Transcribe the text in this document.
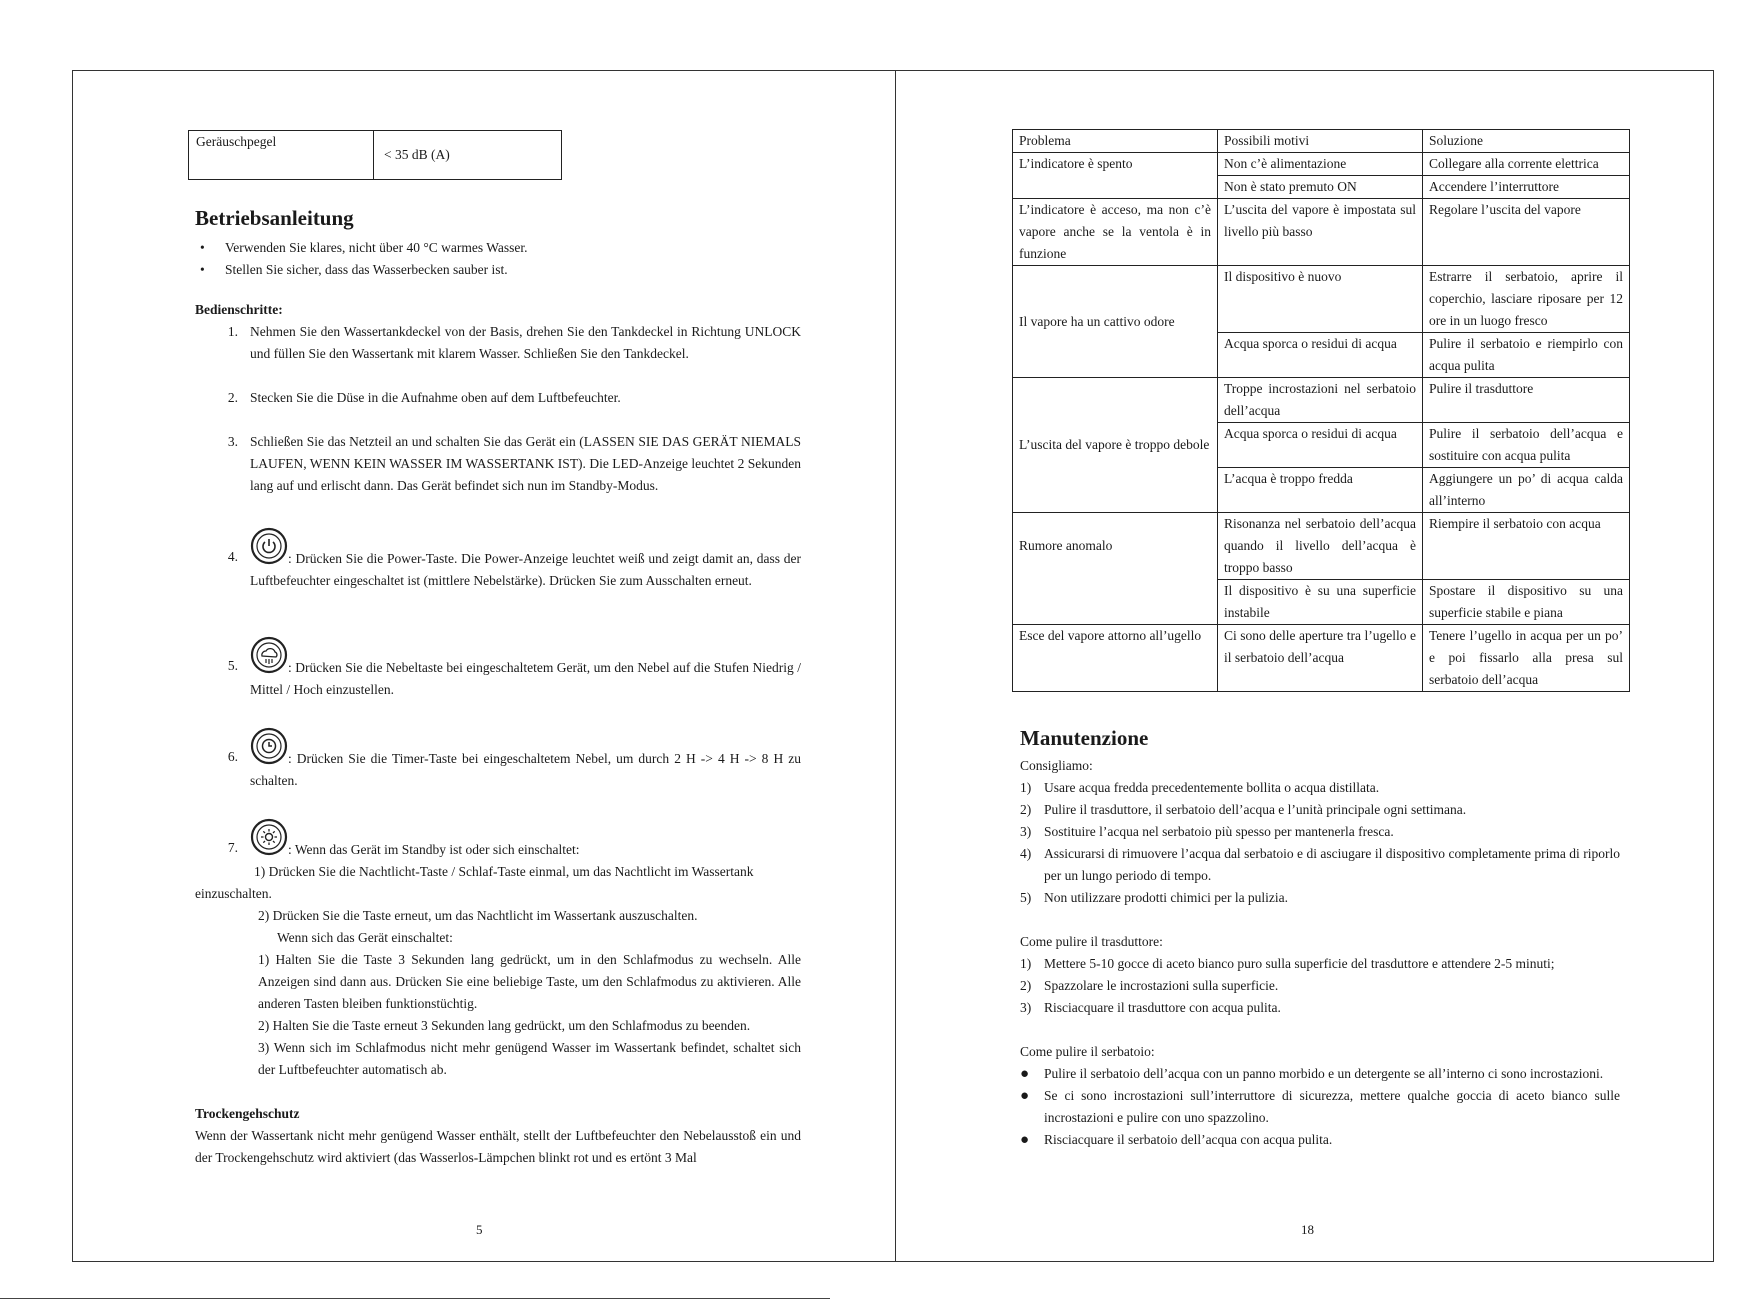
Geräuschpegel	< 35 dB (A)
Betriebsanleitung
•	Verwenden Sie klares, nicht über 40 °C warmes Wasser.
•	Stellen Sie sicher, dass das Wasserbecken sauber ist.
Bedienschritte:
1. Nehmen Sie den Wassertankdeckel von der Basis, drehen Sie den Tankdeckel in Richtung UNLOCK und füllen Sie den Wassertank mit klarem Wasser. Schließen Sie den Tankdeckel.
2. Stecken Sie die Düse in die Aufnahme oben auf dem Luftbefeuchter.
3. Schließen Sie das Netzteil an und schalten Sie das Gerät ein (LASSEN SIE DAS GERÄT NIEMALS LAUFEN, WENN KEIN WASSER IM WASSERTANK IST). Die LED-Anzeige leuchtet 2 Sekunden lang auf und erlischt dann. Das Gerät befindet sich nun im Standby-Modus.
4.	: Drücken Sie die Power-Taste. Die Power-Anzeige leuchtet weiß und zeigt damit an, dass der Luftbefeuchter eingeschaltet ist (mittlere Nebelstärke). Drücken Sie zum Ausschalten erneut.
5.	: Drücken Sie die Nebeltaste bei eingeschaltetem Gerät, um den Nebel auf die Stufen Niedrig / Mittel / Hoch einzustellen.
6.	: Drücken Sie die Timer-Taste bei eingeschaltetem Nebel, um durch 2 H -> 4 H -> 8 H zu schalten.
7.	: Wenn das Gerät im Standby ist oder sich einschaltet:
1) Drücken Sie die Nachtlicht-Taste / Schlaf-Taste einmal, um das Nachtlicht im Wassertank
einzuschalten.
2) Drücken Sie die Taste erneut, um das Nachtlicht im Wassertank auszuschalten.
Wenn sich das Gerät einschaltet:
1) Halten Sie die Taste 3 Sekunden lang gedrückt, um in den Schlafmodus zu wechseln. Alle Anzeigen sind dann aus. Drücken Sie eine beliebige Taste, um den Schlafmodus zu aktivieren. Alle anderen Tasten bleiben funktionstüchtig.
2) Halten Sie die Taste erneut 3 Sekunden lang gedrückt, um den Schlafmodus zu beenden.
3) Wenn sich im Schlafmodus nicht mehr genügend Wasser im Wassertank befindet, schaltet sich der Luftbefeuchter automatisch ab.
Trockengehschutz
Wenn der Wassertank nicht mehr genügend Wasser enthält, stellt der Luftbefeuchter den Nebelausstoß ein und der Trockengehschutz wird aktiviert (das Wasserlos-Lämpchen blinkt rot und es ertönt 3 Mal
5
Problema	Possibili motivi	Soluzione
L’indicatore è spento	Non c’è alimentazione	Collegare alla corrente elettrica
	Non è stato premuto ON	Accendere l’interruttore
L’indicatore è acceso, ma non c’è vapore anche se la ventola è in funzione	L’uscita del vapore è impostata sul livello più basso	Regolare l’uscita del vapore
Il vapore ha un cattivo odore	Il dispositivo è nuovo	Estrarre il serbatoio, aprire il coperchio, lasciare riposare per 12 ore in un luogo fresco
	Acqua sporca o residui di acqua	Pulire il serbatoio e riempirlo con acqua pulita
L’uscita del vapore è troppo debole	Troppe incrostazioni nel serbatoio dell’acqua	Pulire il trasduttore
	Acqua sporca o residui di acqua	Pulire il serbatoio dell’acqua e sostituire con acqua pulita
	L’acqua è troppo fredda	Aggiungere un po’ di acqua calda all’interno
Rumore anomalo	Risonanza nel serbatoio dell’acqua quando il livello dell’acqua è troppo basso	Riempire il serbatoio con acqua
	Il dispositivo è su una superficie instabile	Spostare il dispositivo su una superficie stabile e piana
Esce del vapore attorno all’ugello	Ci sono delle aperture tra l’ugello e il serbatoio dell’acqua	Tenere l’ugello in acqua per un po’ e poi fissarlo alla presa sul serbatoio dell’acqua
Manutenzione
Consigliamo:
1) Usare acqua fredda precedentemente bollita o acqua distillata.
2) Pulire il trasduttore, il serbatoio dell’acqua e l’unità principale ogni settimana.
3) Sostituire l’acqua nel serbatoio più spesso per mantenerla fresca.
4) Assicurarsi di rimuovere l’acqua dal serbatoio e di asciugare il dispositivo completamente prima di riporlo per un lungo periodo di tempo.
5) Non utilizzare prodotti chimici per la pulizia.
Come pulire il trasduttore:
1) Mettere 5-10 gocce di aceto bianco puro sulla superficie del trasduttore e attendere 2-5 minuti;
2) Spazzolare le incrostazioni sulla superficie.
3) Risciacquare il trasduttore con acqua pulita.
Come pulire il serbatoio:
●	Pulire il serbatoio dell’acqua con un panno morbido e un detergente se all’interno ci sono incrostazioni.
●	Se ci sono incrostazioni sull’interruttore di sicurezza, mettere qualche goccia di aceto bianco sulle incrostazioni e pulire con uno spazzolino.
●	Risciacquare il serbatoio dell’acqua con acqua pulita.
18
